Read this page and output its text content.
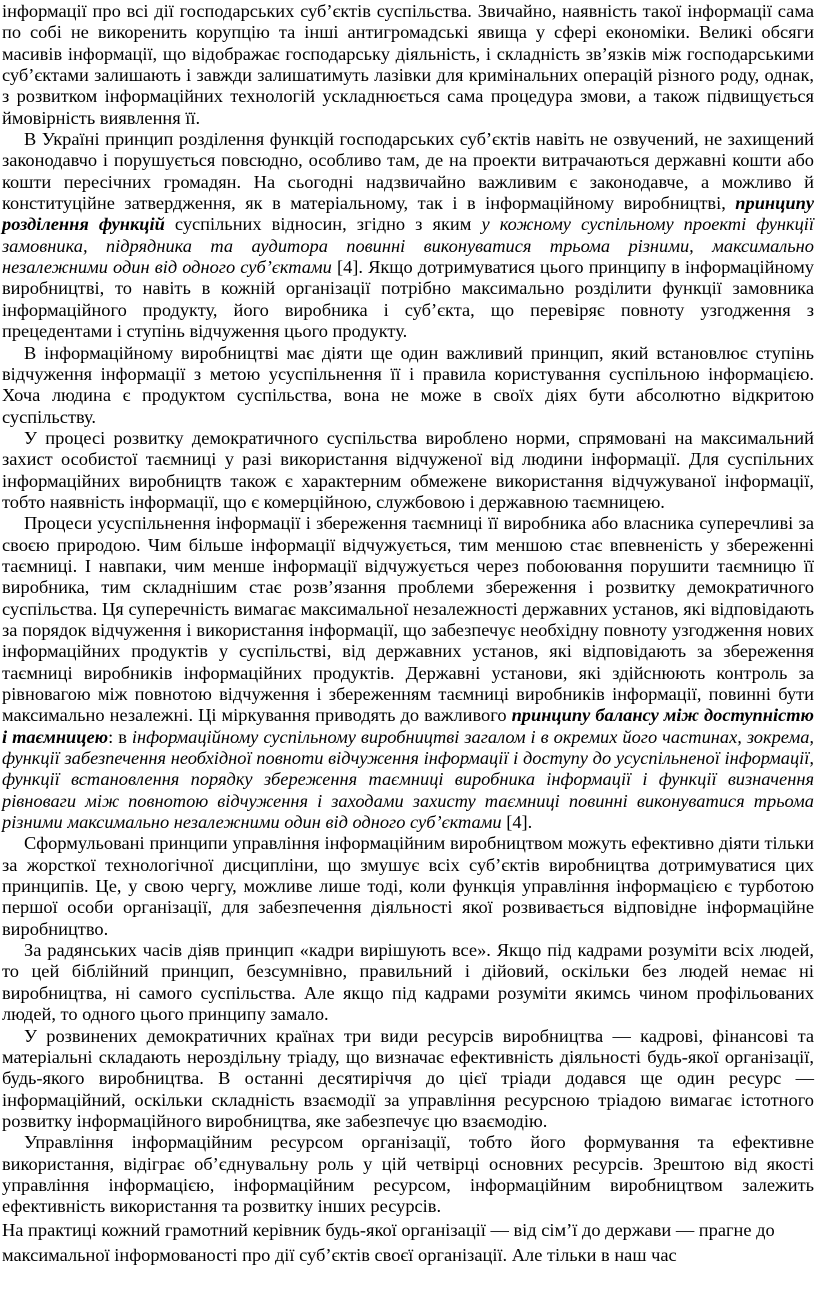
інформації про всі дії господарських суб’єктів суспільства. Звичайно, наявність такої інформації сама по собі не викоренить корупцію та інші антигромадські явища у сфері економіки. Великі обсяги масивів інформації, що відображає господарську діяльність, і складність зв’язків між господарськими суб’єктами залишають і завжди залишатимуть лазівки для кримінальних операцій різного роду, однак, з розвитком інформаційних технологій ускладнюється сама процедура змови, а також підвищується ймовірність виявлення її.

В Україні принцип розділення функцій господарських суб’єктів навіть не озвучений, не захищений законодавчо і порушується повсюдно, особливо там, де на проекти витрачаються державні кошти або кошти пересічних громадян. На сьогодні надзвичайно важливим є законодавче, а можливо й конституційне затвердження, як в матеріальному, так і в інформаційному виробництві, принципу розділення функцій суспільних відносин, згідно з яким у кожному суспільному проекті функції замовника, підрядника та аудитора повинні виконуватися трьома різними, максимально незалежними один від одного суб’єктами [4]. Якщо дотримуватися цього принципу в інформаційному виробництві, то навіть в кожній організації потрібно максимально розділити функції замовника інформаційного продукту, його виробника і суб’єкта, що перевіряє повноту узгодження з прецедентами і ступінь відчуження цього продукту.

В інформаційному виробництві має діяти ще один важливий принцип, який встановлює ступінь відчуження інформації з метою усуспільнення її і правила користування суспільною інформацією. Хоча людина є продуктом суспільства, вона не може в своїх діях бути абсолютно відкритою суспільству.

У процесі розвитку демократичного суспільства вироблено норми, спрямовані на максимальний захист особистої таємниці у разі використання відчуженої від людини інформації. Для суспільних інформаційних виробництв також є характерним обмежене використання відчужуваної інформації, тобто наявність інформації, що є комерційною, службовою і державною таємницею.

Процеси усуспільнення інформації і збереження таємниці її виробника або власника суперечливі за своєю природою. Чим більше інформації відчужується, тим меншою стає впевненість у збереженні таємниці. І навпаки, чим менше інформації відчужується через побоювання порушити таємницю її виробника, тим складнішим стає розв’язання проблеми збереження і розвитку демократичного суспільства. Ця суперечність вимагає максимальної незалежності державних установ, які відповідають за порядок відчуження і використання інформації, що забезпечує необхідну повноту узгодження нових інформаційних продуктів у суспільстві, від державних установ, які відповідають за збереження таємниці виробників інформаційних продуктів. Державні установи, які здійснюють контроль за рівновагою між повнотою відчуження і збереженням таємниці виробників інформації, повинні бути максимально незалежні. Ці міркування приводять до важливого принципу балансу між доступністю і таємницею: в інформаційному суспільному виробництві загалом і в окремих його частинах, зокрема, функції забезпечення необхідної повноти відчуження інформації і доступу до усуспільненої інформації, функції встановлення порядку збереження таємниці виробника інформації і функції визначення рівноваги між повнотою відчуження і заходами захисту таємниці повинні виконуватися трьома різними максимально незалежними один від одного суб’єктами [4].

Сформульовані принципи управління інформаційним виробництвом можуть ефективно діяти тільки за жорсткої технологічної дисципліни, що змушує всіх суб’єктів виробництва дотримуватися цих принципів. Це, у свою чергу, можливе лише тоді, коли функція управління інформацією є турботою першої особи організації, для забезпечення діяльності якої розвивається відповідне інформаційне виробництво.

За радянських часів діяв принцип «кадри вирішують все». Якщо під кадрами розуміти всіх людей, то цей біблійний принцип, безсумнівно, правильний і дійовий, оскільки без людей немає ні виробництва, ні самого суспільства. Але якщо під кадрами розуміти якимсь чином профільованих людей, то одного цього принципу замало.

У розвинених демократичних країнах три види ресурсів виробництва — кадрові, фінансові та матеріальні складають нероздільну тріаду, що визначає ефективність діяльності будь-якої організації, будь-якого виробництва. В останні десятиріччя до цієї тріади додався ще один ресурс — інформаційний, оскільки складність взаємодії за управління ресурсною тріадою вимагає істотного розвитку інформаційного виробництва, яке забезпечує цю взаємодію.

Управління інформаційним ресурсом організації, тобто його формування та ефективне використання, відіграє об’єднувальну роль у цій четвірці основних ресурсів. Зрештою від якості управління інформацією, інформаційним ресурсом, інформаційним виробництвом залежить ефективність використання та розвитку інших ресурсів.

На практиці кожний грамотний керівник будь-якої організації — від сім’ї до держави — прагне до максимальної інформованості про дії суб’єктів своєї організації. Але тільки в наш час
